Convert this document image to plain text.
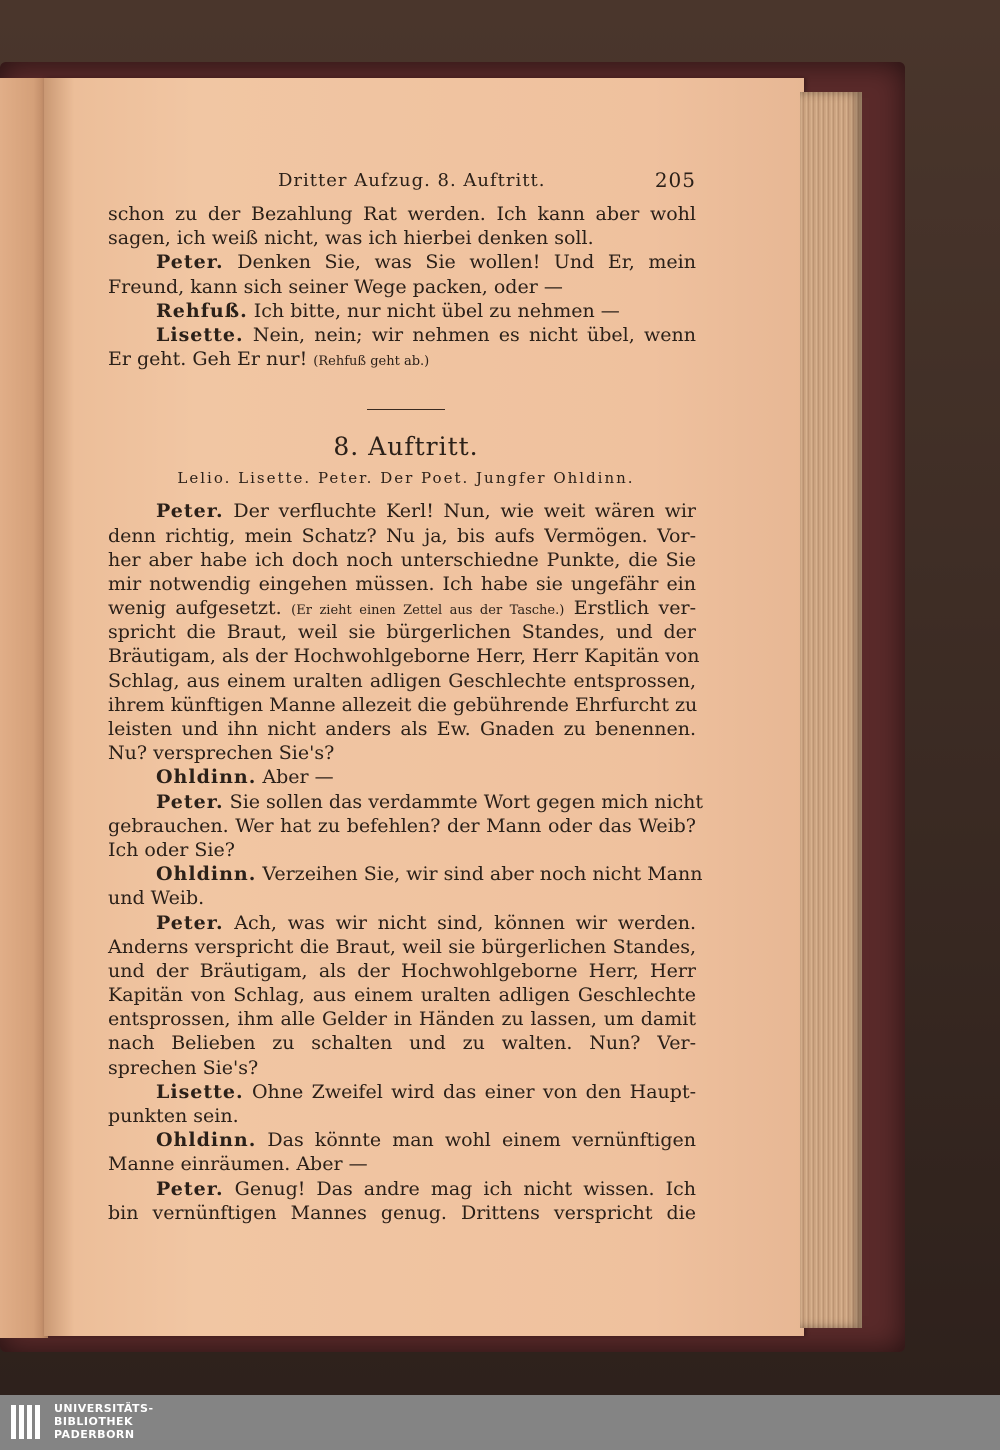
Dritter Aufzug. 8. Auftritt.	205
schon zu der Bezahlung Rat werden. Ich kann aber wohl
sagen, ich weiß nicht, was ich hierbei denken soll.
Peter. Denken Sie, was Sie wollen! Und Er, mein
Freund, kann sich seiner Wege packen, oder —
Rehfuß. Ich bitte, nur nicht übel zu nehmen —
Lisette. Nein, nein; wir nehmen es nicht übel, wenn
Er geht. Geh Er nur! (Rehfuß geht ab.)
8. Auftritt.
Lelio. Lisette. Peter. Der Poet. Jungfer Ohldinn.
Peter. Der verfluchte Kerl! Nun, wie weit wären wir
denn richtig, mein Schatz? Nu ja, bis aufs Vermögen. Vor-
her aber habe ich doch noch unterschiedne Punkte, die Sie
mir notwendig eingehen müssen. Ich habe sie ungefähr ein
wenig aufgesetzt. (Er zieht einen Zettel aus der Tasche.) Erstlich ver-
spricht die Braut, weil sie bürgerlichen Standes, und der
Bräutigam, als der Hochwohlgeborne Herr, Herr Kapitän von
Schlag, aus einem uralten adligen Geschlechte entsprossen,
ihrem künftigen Manne allezeit die gebührende Ehrfurcht zu
leisten und ihn nicht anders als Ew. Gnaden zu benennen.
Nu? versprechen Sie's?
Ohldinn. Aber —
Peter. Sie sollen das verdammte Wort gegen mich nicht
gebrauchen. Wer hat zu befehlen? der Mann oder das Weib?
Ich oder Sie?
Ohldinn. Verzeihen Sie, wir sind aber noch nicht Mann
und Weib.
Peter. Ach, was wir nicht sind, können wir werden.
Anderns verspricht die Braut, weil sie bürgerlichen Standes,
und der Bräutigam, als der Hochwohlgeborne Herr, Herr
Kapitän von Schlag, aus einem uralten adligen Geschlechte
entsprossen, ihm alle Gelder in Händen zu lassen, um damit
nach Belieben zu schalten und zu walten. Nun? Ver-
sprechen Sie's?
Lisette. Ohne Zweifel wird das einer von den Haupt-
punkten sein.
Ohldinn. Das könnte man wohl einem vernünftigen
Manne einräumen. Aber —
Peter. Genug! Das andre mag ich nicht wissen. Ich
bin vernünftigen Mannes genug. Drittens verspricht die
UNIVERSITÄTS-
BIBLIOTHEK
PADERBORN
